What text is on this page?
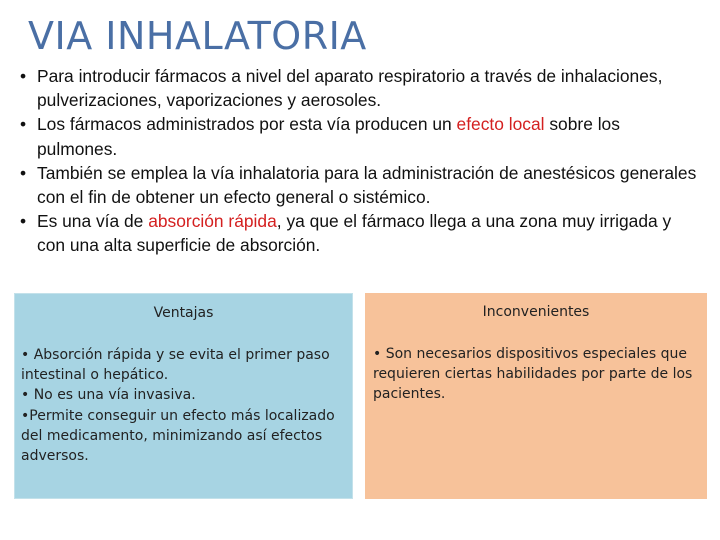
VIA INHALATORIA
• Para introducir fármacos a nivel del aparato respiratorio a través de inhalaciones, pulverizaciones, vaporizaciones y aerosoles.
• Los fármacos administrados por esta vía producen un efecto local sobre los pulmones.
• También se emplea la vía inhalatoria para la administración de anestésicos generales con el fin de obtener un efecto general o sistémico.
• Es una vía de absorción rápida, ya que el fármaco llega a una zona muy irrigada y con una alta superficie de absorción.
Ventajas
• Absorción rápida y se evita el primer paso intestinal o hepático.
• No es una vía invasiva.
•Permite conseguir un efecto más localizado del medicamento, minimizando así efectos adversos.
Inconvenientes
• Son necesarios dispositivos especiales que requieren ciertas habilidades por parte de los pacientes.
